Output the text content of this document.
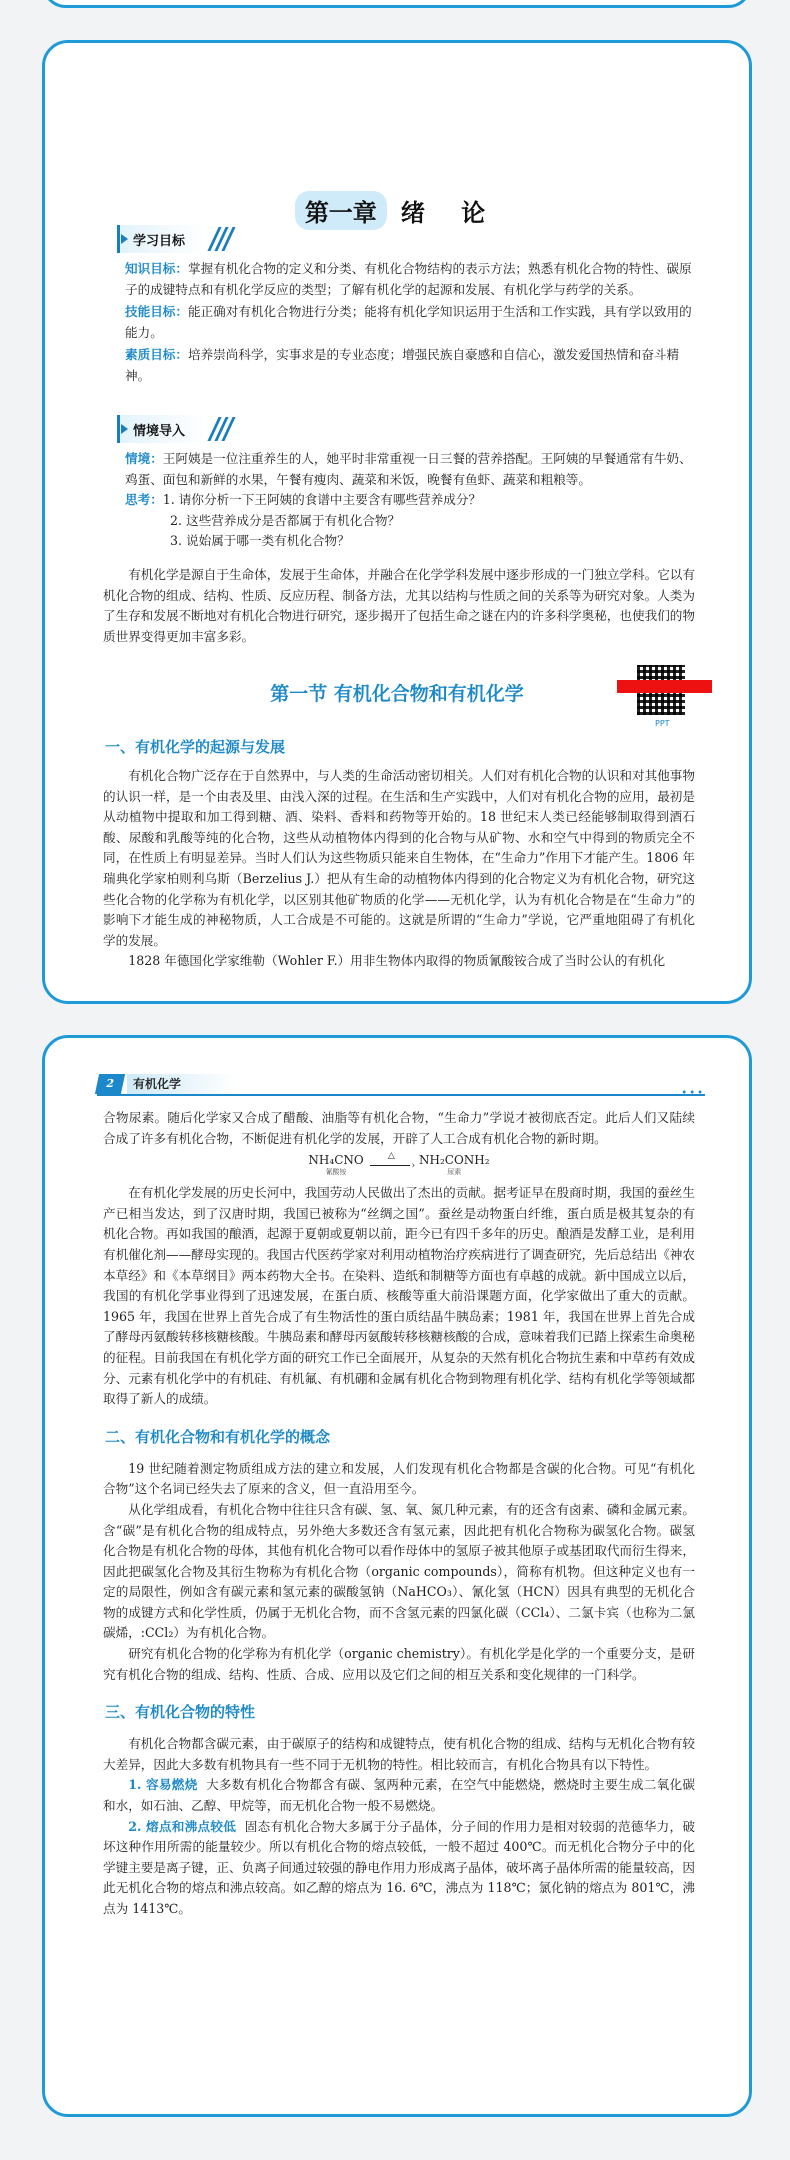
第一章 绪 论
学习目标

知识目标：掌握有机化合物的定义和分类、有机化合物结构的表示方法；熟悉有机化合物的特性、碳原子的成键特点和有机化学反应的类型；了解有机化学的起源和发展、有机化学与药学的关系。

技能目标：能正确对有机化合物进行分类；能将有机化学知识运用于生活和工作实践，具有学以致用的能力。

素质目标：培养崇尚科学，实事求是的专业态度；增强民族自豪感和自信心，激发爱国热情和奋斗精神。

情境导入

情境：王阿姨是一位注重养生的人，她平时非常重视一日三餐的营养搭配。王阿姨的早餐通常有牛奶、鸡蛋、面包和新鲜的水果，午餐有瘦肉、蔬菜和米饭，晚餐有鱼虾、蔬菜和粗粮等。

思考：1. 请你分析一下王阿姨的食谱中主要含有哪些营养成分？

2. 这些营养成分是否都属于有机化合物？

3. 说始属于哪一类有机化合物？

有机化学是源自于生命体，发展于生命体，并融合在化学学科发展中逐步形成的一门独立学科。它以有机化合物的组成、结构、性质、反应历程、制备方法，尤其以结构与性质之间的关系等为研究对象。人类为了生存和发展不断地对有机化合物进行研究，逐步揭开了包括生命之谜在内的许多科学奥秘，也使我们的物质世界变得更加丰富多彩。

第一节 有机化合物和有机化学
PPT

一、有机化学的起源与发展

有机化合物广泛存在于自然界中，与人类的生命活动密切相关。人们对有机化合物的认识和对其他事物的认识一样，是一个由表及里、由浅入深的过程。在生活和生产实践中，人们对有机化合物的应用，最初是从动植物中提取和加工得到糖、酒、染料、香料和药物等开始的。18 世纪末人类已经能够制取得到酒石酸、尿酸和乳酸等纯的化合物，这些从动植物体内得到的化合物与从矿物、水和空气中得到的物质完全不同，在性质上有明显差异。当时人们认为这些物质只能来自生物体，在“生命力”作用下才能产生。1806 年瑞典化学家柏则利乌斯（Berzelius J.）把从有生命的动植物体内得到的化合物定义为有机化合物，研究这些化合物的化学称为有机化学，以区别其他矿物质的化学——无机化学，认为有机化合物是在“生命力”的影响下才能生成的神秘物质，人工合成是不可能的。这就是所谓的“生命力”学说，它严重地阻碍了有机化学的发展。

1828 年德国化学家维勒（Wohler F.）用非生物体内取得的物质氰酸铵合成了当时公认的有机化

2	有机化学
•••

合物尿素。随后化学家又合成了醋酸、油脂等有机化合物，“生命力”学说才被彻底否定。此后人们又陆续合成了许多有机化合物，不断促进有机化学的发展，开辟了人工合成有机化合物的新时期。

NH₄CNO
氰酸铵
△
› NH₂CONH₂
尿素

在有机化学发展的历史长河中，我国劳动人民做出了杰出的贡献。据考证早在殷商时期，我国的蚕丝生产已相当发达，到了汉唐时期，我国已被称为“丝绸之国”。蚕丝是动物蛋白纤维，蛋白质是极其复杂的有机化合物。再如我国的酿酒，起源于夏朝或夏朝以前，距今已有四千多年的历史。酿酒是发酵工业，是利用有机催化剂——酵母实现的。我国古代医药学家对利用动植物治疗疾病进行了调查研究，先后总结出《神农本草经》和《本草纲目》两本药物大全书。在染料、造纸和制糖等方面也有卓越的成就。新中国成立以后，我国的有机化学事业得到了迅速发展，在蛋白质、核酸等重大前沿课题方面，化学家做出了重大的贡献。1965 年，我国在世界上首先合成了有生物活性的蛋白质结晶牛胰岛素；1981 年，我国在世界上首先合成了酵母丙氨酸转移核糖核酸。牛胰岛素和酵母丙氨酸转移核糖核酸的合成，意味着我们已踏上探索生命奥秘的征程。目前我国在有机化学方面的研究工作已全面展开，从复杂的天然有机化合物抗生素和中草药有效成分、元素有机化学中的有机硅、有机氟、有机硼和金属有机化合物到物理有机化学、结构有机化学等领域都取得了新人的成绩。

二、有机化合物和有机化学的概念

19 世纪随着测定物质组成方法的建立和发展，人们发现有机化合物都是含碳的化合物。可见“有机化合物”这个名词已经失去了原来的含义，但一直沿用至今。

从化学组成看，有机化合物中往往只含有碳、氢、氧、氮几种元素，有的还含有卤素、磷和金属元素。含“碳”是有机化合物的组成特点，另外绝大多数还含有氢元素，因此把有机化合物称为碳氢化合物。碳氢化合物是有机化合物的母体，其他有机化合物可以看作母体中的氢原子被其他原子或基团取代而衍生得来，因此把碳氢化合物及其衍生物称为有机化合物（organic compounds），简称有机物。但这种定义也有一定的局限性，例如含有碳元素和氢元素的碳酸氢钠（NaHCO₃）、氰化氢（HCN）因具有典型的无机化合物的成键方式和化学性质，仍属于无机化合物，而不含氢元素的四氯化碳（CCl₄）、二氯卡宾（也称为二氯碳烯，:CCl₂）为有机化合物。

研究有机化合物的化学称为有机化学（organic chemistry）。有机化学是化学的一个重要分支，是研究有机化合物的组成、结构、性质、合成、应用以及它们之间的相互关系和变化规律的一门科学。

三、有机化合物的特性

有机化合物都含碳元素，由于碳原子的结构和成键特点，使有机化合物的组成、结构与无机化合物有较大差异，因此大多数有机物具有一些不同于无机物的特性。相比较而言，有机化合物具有以下特性。

1. 容易燃烧 大多数有机化合物都含有碳、氢两种元素，在空气中能燃烧，燃烧时主要生成二氧化碳和水，如石油、乙醇、甲烷等，而无机化合物一般不易燃烧。

2. 熔点和沸点较低 固态有机化合物大多属于分子晶体，分子间的作用力是相对较弱的范德华力，破坏这种作用所需的能量较少。所以有机化合物的熔点较低，一般不超过 400℃。而无机化合物分子中的化学键主要是离子键，正、负离子间通过较强的静电作用力形成离子晶体，破坏离子晶体所需的能量较高，因此无机化合物的熔点和沸点较高。如乙醇的熔点为 16. 6℃，沸点为 118℃；氯化钠的熔点为 801℃，沸点为 1413℃。
